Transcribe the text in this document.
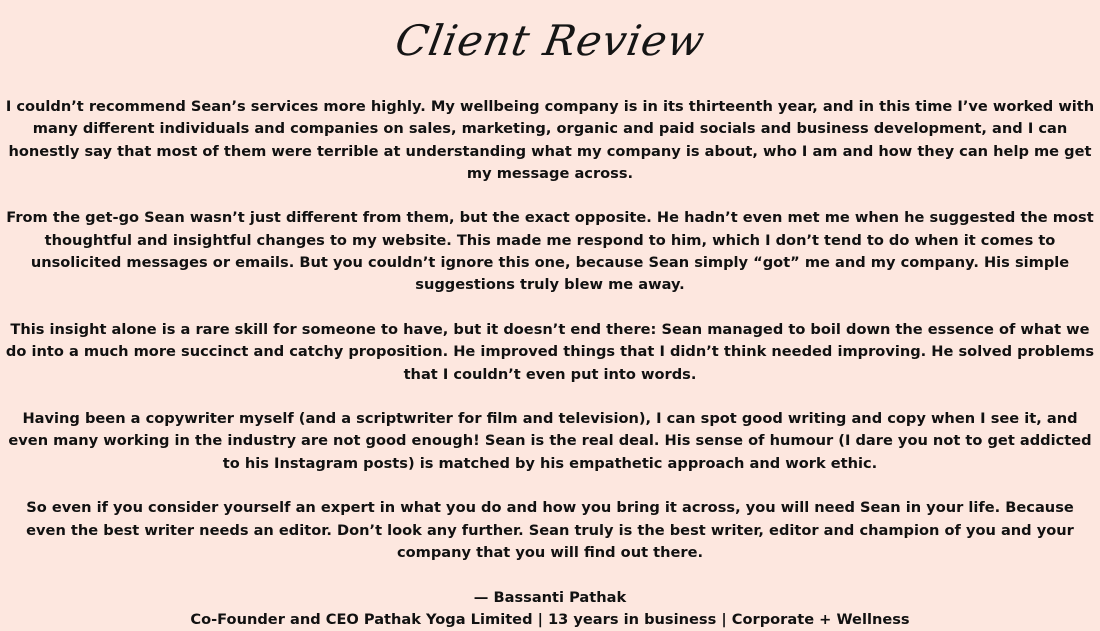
Client Review

I couldn’t recommend Sean’s services more highly. My wellbeing company is in its thirteenth year, and in this time I’ve worked with many different individuals and companies on sales, marketing, organic and paid socials and business development, and I can honestly say that most of them were terrible at understanding what my company is about, who I am and how they can help me get my message across.

From the get-go Sean wasn’t just different from them, but the exact opposite. He hadn’t even met me when he suggested the most thoughtful and insightful changes to my website. This made me respond to him, which I don’t tend to do when it comes to unsolicited messages or emails. But you couldn’t ignore this one, because Sean simply “got” me and my company. His simple suggestions truly blew me away.

This insight alone is a rare skill for someone to have, but it doesn’t end there: Sean managed to boil down the essence of what we do into a much more succinct and catchy proposition. He improved things that I didn’t think needed improving. He solved problems that I couldn’t even put into words.

Having been a copywriter myself (and a scriptwriter for film and television), I can spot good writing and copy when I see it, and even many working in the industry are not good enough! Sean is the real deal. His sense of humour (I dare you not to get addicted to his Instagram posts) is matched by his empathetic approach and work ethic.

So even if you consider yourself an expert in what you do and how you bring it across, you will need Sean in your life. Because even the best writer needs an editor. Don’t look any further. Sean truly is the best writer, editor and champion of you and your company that you will find out there.

— Bassanti Pathak
Co-Founder and CEO Pathak Yoga Limited | 13 years in business | Corporate + Wellness
